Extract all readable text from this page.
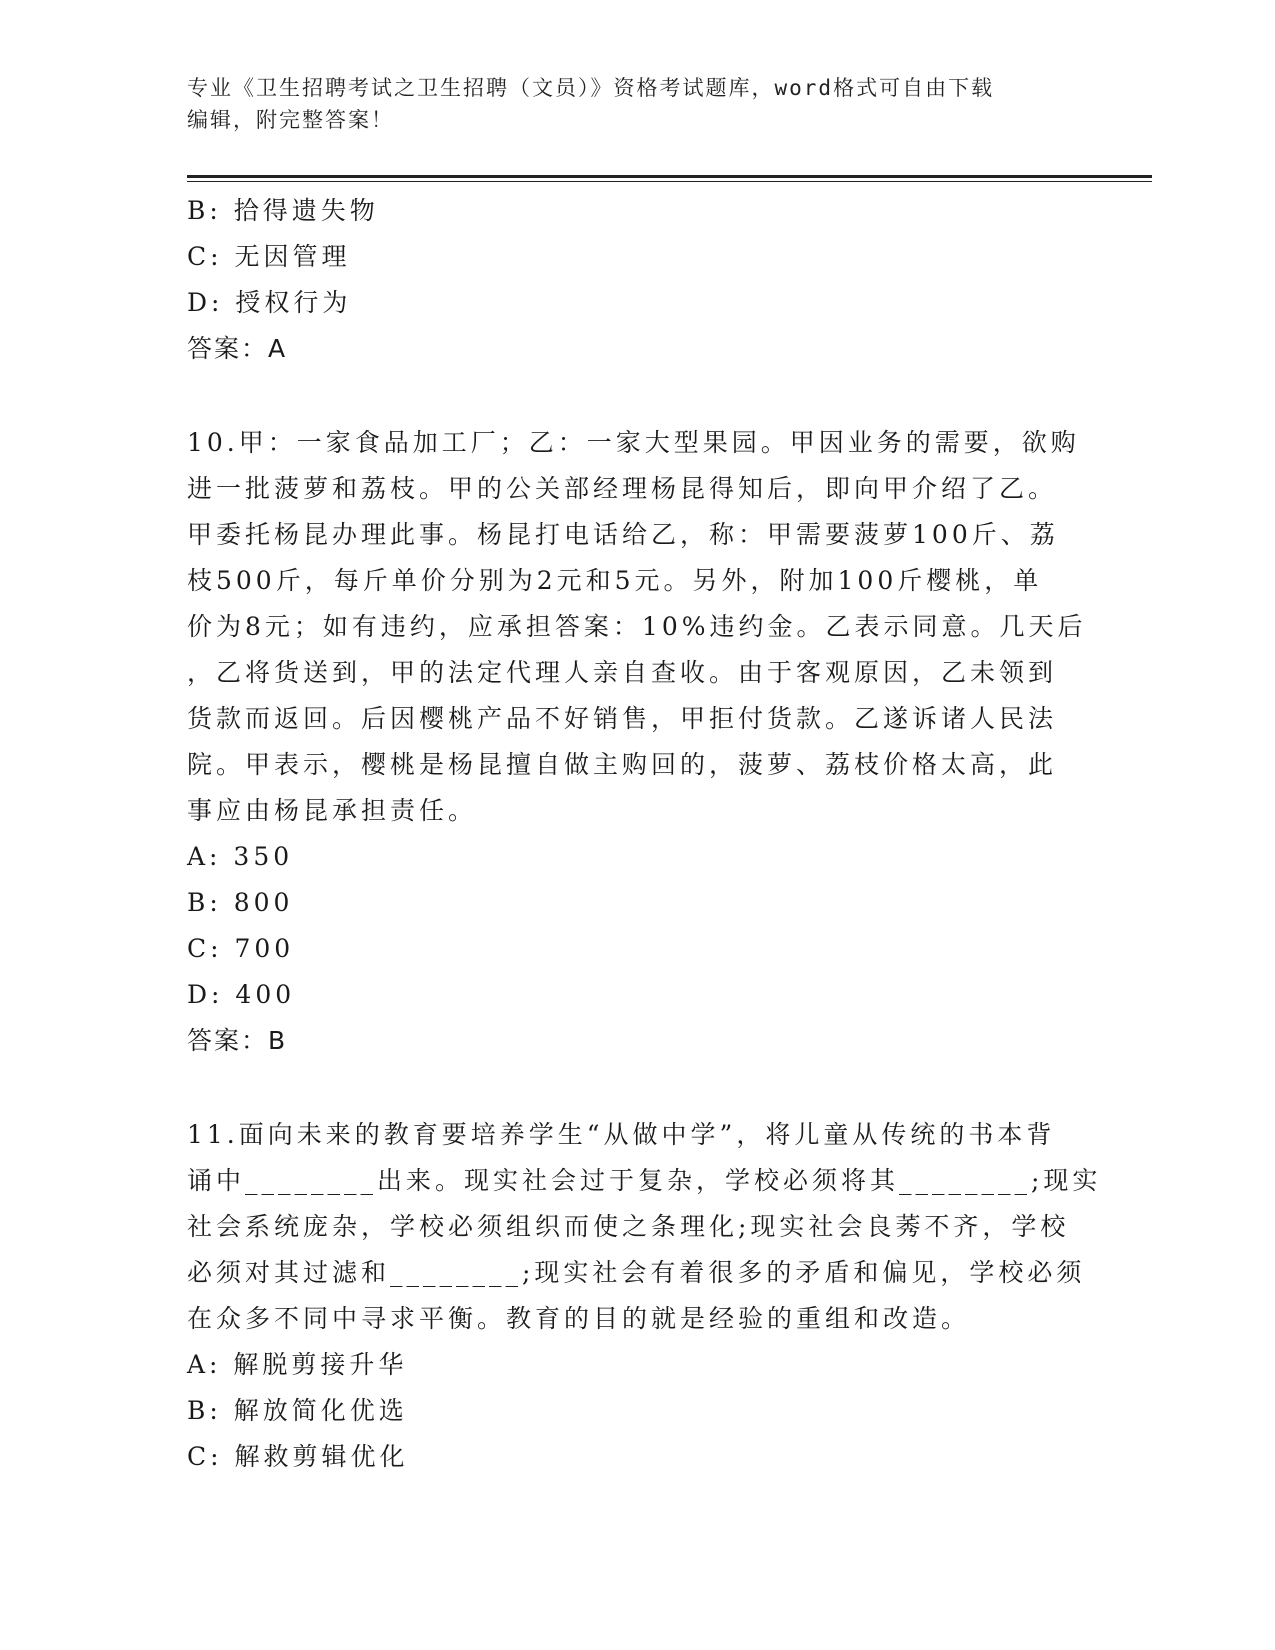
专业《卫生招聘考试之卫生招聘（文员）》资格考试题库，word格式可自由下载
编辑，附完整答案！
B: 拾得遗失物
C: 无因管理
D: 授权行为
答案：A
10.甲：一家食品加工厂；乙：一家大型果园。甲因业务的需要，欲购
进一批菠萝和荔枝。甲的公关部经理杨昆得知后，即向甲介绍了乙。
甲委托杨昆办理此事。杨昆打电话给乙，称：甲需要菠萝100斤、荔
枝500斤，每斤单价分别为2元和5元。另外，附加100斤樱桃，单
价为8元；如有违约，应承担答案：10%违约金。乙表示同意。几天后
，乙将货送到，甲的法定代理人亲自查收。由于客观原因，乙未领到
货款而返回。后因樱桃产品不好销售，甲拒付货款。乙遂诉诸人民法
院。甲表示，樱桃是杨昆擅自做主购回的，菠萝、荔枝价格太高，此
事应由杨昆承担责任。
A: 350
B: 800
C: 700
D: 400
答案：B
11.面向未来的教育要培养学生“从做中学”，将儿童从传统的书本背
诵中________出来。现实社会过于复杂，学校必须将其________;现实
社会系统庞杂，学校必须组织而使之条理化;现实社会良莠不齐，学校
必须对其过滤和________;现实社会有着很多的矛盾和偏见，学校必须
在众多不同中寻求平衡。教育的目的就是经验的重组和改造。
A: 解脱剪接升华
B: 解放简化优选
C: 解救剪辑优化
